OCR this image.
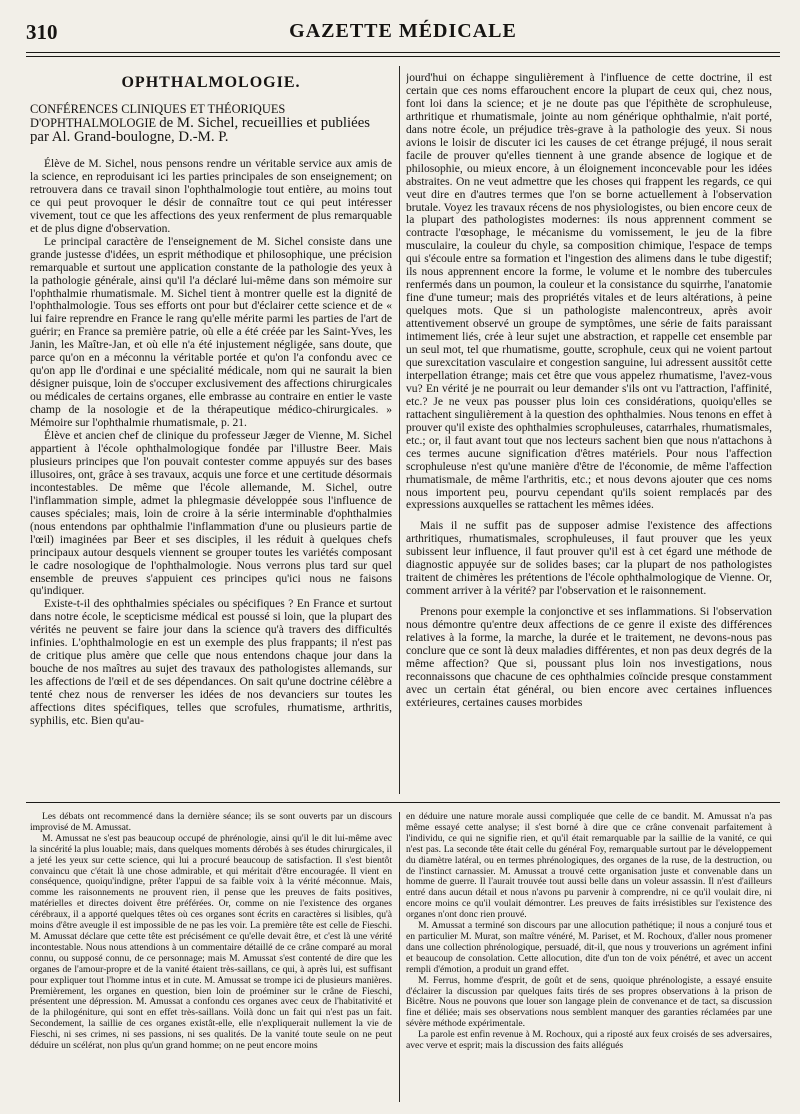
310	GAZETTE MÉDICALE
OPHTHALMOLOGIE.
CONFÉRENCES CLINIQUES ET THÉORIQUES D'OPHTHALMOLOGIE de M. Sichel, recueillies et publiées par Al. Grand-boulogne, D.-M. P.

Élève de M. Sichel, nous pensons rendre un véritable service aux amis de la science, en reproduisant ici les parties principales de son enseignement; on retrouvera dans ce travail sinon l'ophthalmologie tout entière, au moins tout ce qui peut provoquer le désir de connaître tout ce qui peut intéresser vivement, tout ce que les affections des yeux renferment de plus remarquable et de plus digne d'observation.

Le principal caractère de l'enseignement de M. Sichel consiste dans une grande justesse d'idées, un esprit méthodique et philosophique, une précision remarquable et surtout une application constante de la pathologie des yeux à la pathologie générale, ainsi qu'il l'a déclaré lui-même dans son mémoire sur l'ophthalmie rhumatismale. M. Sichel tient à montrer quelle est la dignité de l'ophthalmologie. Tous ses efforts ont pour but d'éclairer cette science et de « lui faire reprendre en France le rang qu'elle mérite parmi les parties de l'art de guérir; en France sa première patrie, où elle a été créée par les Saint-Yves, les Janin, les Maître-Jan, et où elle n'a été injustement négligée, sans doute, que parce qu'on en a méconnu la véritable portée et qu'on l'a confondu avec ce qu'on app lle d'ordinai e une spécialité médicale, nom qui ne saurait la bien désigner puisque, loin de s'occuper exclusivement des affections chirurgicales ou médicales de certains organes, elle embrasse au contraire en entier le vaste champ de la nosologie et de la thérapeutique médico-chirurgicales. » Mémoire sur l'ophthalmie rhumatismale, p. 21.

Élève et ancien chef de clinique du professeur Jæger de Vienne, M. Sichel appartient à l'école ophthalmologique fondée par l'illustre Beer. Mais plusieurs principes que l'on pouvait contester comme appuyés sur des bases illusoires, ont, grâce à ses travaux, acquis une force et une certitude désormais incontestables. De même que l'école allemande, M. Sichel, outre l'inflammation simple, admet la phlegmasie développée sous l'influence de causes spéciales; mais, loin de croire à la série interminable d'ophthalmies (nous entendons par ophthalmie l'inflammation d'une ou plusieurs partie de l'œil) imaginées par Beer et ses disciples, il les réduit à quelques chefs principaux autour desquels viennent se grouper toutes les variétés composant le cadre nosologique de l'ophthalmologie. Nous verrons plus tard sur quel ensemble de preuves s'appuient ces principes qu'ici nous ne faisons qu'indiquer.

Existe-t-il des ophthalmies spéciales ou spécifiques ? En France et surtout dans notre école, le scepticisme médical est poussé si loin, que la plupart des vérités ne peuvent se faire jour dans la science qu'à travers des difficultés infinies. L'ophthalmologie en est un exemple des plus frappants; il n'est pas de critique plus amère que celle que nous entendons chaque jour dans la bouche de nos maîtres au sujet des travaux des pathologistes allemands, sur les affections de l'œil et de ses dépendances. On sait qu'une doctrine célèbre a tenté chez nous de renverser les idées de nos devanciers sur toutes les affections dites spécifiques, telles que scrofules, rhumatisme, arthritis, syphilis, etc. Bien qu'au-

jourd'hui on échappe singulièrement à l'influence de cette doctrine, il est certain que ces noms effarouchent encore la plupart de ceux qui, chez nous, font loi dans la science; et je ne doute pas que l'épithète de scrophuleuse, arthritique et rhumatismale, jointe au nom générique ophthalmie, n'ait porté, dans notre école, un préjudice très-grave à la pathologie des yeux. Si nous avions le loisir de discuter ici les causes de cet étrange préjugé, il nous serait facile de prouver qu'elles tiennent à une grande absence de logique et de philosophie, ou mieux encore, à un éloignement inconcevable pour les idées abstraites. On ne veut admettre que les choses qui frappent les regards, ce qui veut dire en d'autres termes que l'on se borne actuellement à l'observation brutale. Voyez les travaux récens de nos physiologistes, ou bien encore ceux de la plupart des pathologistes modernes: ils nous apprennent comment se contracte l'œsophage, le mécanisme du vomissement, le jeu de la fibre musculaire, la couleur du chyle, sa composition chimique, l'espace de temps qui s'écoule entre sa formation et l'ingestion des alimens dans le tube digestif; ils nous apprennent encore la forme, le volume et le nombre des tubercules renfermés dans un poumon, la couleur et la consistance du squirrhe, l'anatomie fine d'une tumeur; mais des propriétés vitales et de leurs altérations, à peine quelques mots. Que si un pathologiste malencontreux, après avoir attentivement observé un groupe de symptômes, une série de faits paraissant intimement liés, crée à leur sujet une abstraction, et rappelle cet ensemble par un seul mot, tel que rhumatisme, goutte, scrophule, ceux qui ne voient partout que surexcitation vasculaire et congestion sanguine, lui adressent aussitôt cette interpellation étrange; mais cet être que vous appelez rhumatisme, l'avez-vous vu? En vérité je ne pourrait ou leur demander s'ils ont vu l'attraction, l'affinité, etc.? Je ne veux pas pousser plus loin ces considérations, quoiqu'elles se rattachent singulièrement à la question des ophthalmies. Nous tenons en effet à prouver qu'il existe des ophthalmies scrophuleuses, catarrhales, rhumatismales, etc.; or, il faut avant tout que nos lecteurs sachent bien que nous n'attachons à ces termes aucune signification d'êtres matériels. Pour nous l'affection scrophuleuse n'est qu'une manière d'être de l'économie, de même l'affection rhumatismale, de même l'arthritis, etc.; et nous devons ajouter que ces noms nous importent peu, pourvu cependant qu'ils soient remplacés par des expressions auxquelles se rattachent les mêmes idées.

Mais il ne suffit pas de supposer admise l'existence des affections arthritiques, rhumatismales, scrophuleuses, il faut prouver que les yeux subissent leur influence, il faut prouver qu'il est à cet égard une méthode de diagnostic appuyée sur de solides bases; car la plupart de nos pathologistes traitent de chimères les prétentions de l'école ophthalmologique de Vienne. Or, comment arriver à la vérité? par l'observation et le raisonnement.

Prenons pour exemple la conjonctive et ses inflammations. Si l'observation nous démontre qu'entre deux affections de ce genre il existe des différences relatives à la forme, la marche, la durée et le traitement, ne devons-nous pas conclure que ce sont là deux maladies différentes, et non pas deux degrés de la même affection? Que si, poussant plus loin nos investigations, nous reconnaissons que chacune de ces ophthalmies coïncide presque constamment avec un certain état général, ou bien encore avec certaines influences extérieures, certaines causes morbides

Les débats ont recommencé dans la dernière séance; ils se sont ouverts par un discours improvisé de M. Amussat.

M. Amussat ne s'est pas beaucoup occupé de phrénologie, ainsi qu'il le dit lui-même avec la sincérité la plus louable; mais, dans quelques moments dérobés à ses études chirurgicales, il a jeté les yeux sur cette science, qui lui a procuré beaucoup de satisfaction. Il s'est bientôt convaincu que c'était là une chose admirable, et qui méritait d'être encouragée. Il vient en conséquence, quoiqu'indigne, prêter l'appui de sa faible voix à la vérité méconnue. Mais, comme les raisonnements ne prouvent rien, il pense que les preuves de faits positives, matérielles et directes doivent être préférées. Or, comme on nie l'existence des organes cérébraux, il a apporté quelques têtes où ces organes sont écrits en caractères si lisibles, qu'à moins d'être aveugle il est impossible de ne pas les voir. La première tête est celle de Fieschi. M. Amussat déclare que cette tête est précisément ce qu'elle devait être, et c'est là une vérité incontestable. Nous nous attendions à un commentaire détaillé de ce crâne comparé au moral connu, ou supposé connu, de ce personnage; mais M. Amussat s'est contenté de dire que les organes de l'amour-propre et de la vanité étaient très-saillans, ce qui, à après lui, est suffisant pour expliquer tout l'homme intus et in cute. M. Amussat se trompe ici de plusieurs manières. Premièrement, les organes en question, bien loin de proéminer sur le crâne de Fieschi, présentent une dépression. M. Amussat a confondu ces organes avec ceux de l'habitativité et de la philogéniture, qui sont en effet très-saillans. Voilà donc un fait qui n'est pas un fait. Secondement, la saillie de ces organes existât-elle, elle n'expliquerait nullement la vie de Fieschi, ni ses crimes, ni ses passions, ni ses qualités. De la vanité toute seule on ne peut déduire un scélérat, non plus qu'un grand homme; on ne peut encore moins

en déduire une nature morale aussi compliquée que celle de ce bandit. M. Amussat n'a pas même essayé cette analyse; il s'est borné à dire que ce crâne convenait parfaitement à l'individu, ce qui ne signifie rien, et qu'il était remarquable par la saillie de la vanité, ce qui n'est pas. La seconde tête était celle du général Foy, remarquable surtout par le développement du diamètre latéral, ou en termes phrénologiques, des organes de la ruse, de la destruction, ou de l'instinct carnassier. M. Amussat a trouvé cette organisation juste et convenable dans un homme de guerre. Il l'aurait trouvée tout aussi belle dans un voleur assassin. Il n'est d'ailleurs entré dans aucun détail et nous n'avons pu parvenir à comprendre, ni ce qu'il voulait dire, ni encore moins ce qu'il voulait démontrer. Les preuves de faits irrésistibles sur l'existence des organes n'ont donc rien prouvé.

M. Amussat a terminé son discours par une allocution pathétique; il nous a conjuré tous et en particulier M. Murat, son maître vénéré, M. Pariset, et M. Rochoux, d'aller nous promener dans une collection phrénologique, persuadé, dit-il, que nous y trouverions un agrément infini et beaucoup de consolation. Cette allocution, dite d'un ton de voix pénétré, et avec un accent rempli d'émotion, a produit un grand effet.

M. Ferrus, homme d'esprit, de goût et de sens, quoique phrénologiste, a essayé ensuite d'éclairer la discussion par quelques faits tirés de ses propres observations à la prison de Bicêtre. Nous ne pouvons que louer son langage plein de convenance et de tact, sa discussion fine et déliée; mais ses observations nous semblent manquer des garanties réclamées par une sévère méthode expérimentale.

La parole est enfin revenue à M. Rochoux, qui a riposté aux feux croisés de ses adversaires, avec verve et esprit; mais la discussion des faits allégués
